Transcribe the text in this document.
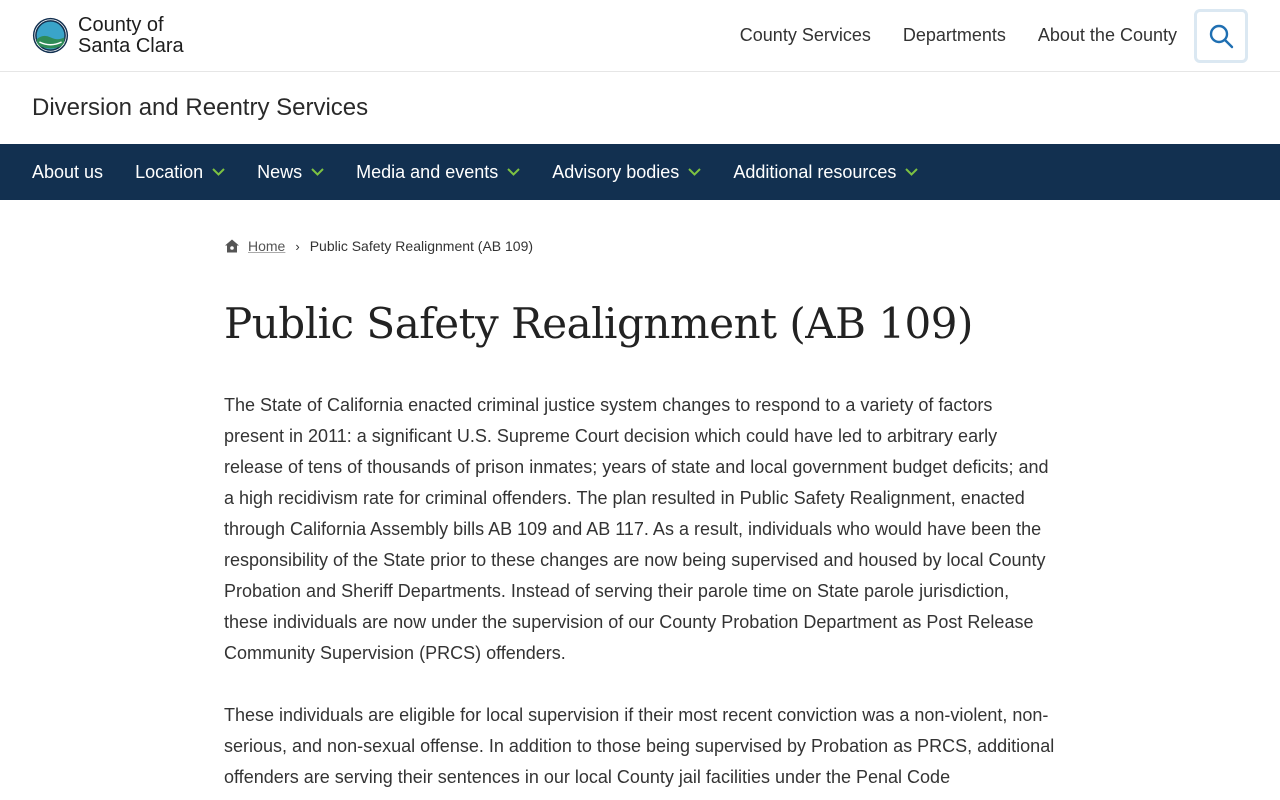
County of
Santa Clara	County Services Departments About the County
Diversion and Reentry Services
About us Location	News	Media and events	Advisory bodies	Additional resources
Home › Public Safety Realignment (AB 109)
Public Safety Realignment (AB 109)

The State of California enacted criminal justice system changes to respond to a variety of factors present in 2011: a significant U.S. Supreme Court decision which could have led to arbitrary early release of tens of thousands of prison inmates; years of state and local government budget deficits; and a high recidivism rate for criminal offenders. The plan resulted in Public Safety Realignment, enacted through California Assembly bills AB 109 and AB 117. As a result, individuals who would have been the responsibility of the State prior to these changes are now being supervised and housed by local County Probation and Sheriff Departments. Instead of serving their parole time on State parole jurisdiction, these individuals are now under the supervision of our County Probation Department as Post Release Community Supervision (PRCS) offenders.

These individuals are eligible for local supervision if their most recent conviction was a non-violent, non-serious, and non-sexual offense. In addition to those being supervised by Probation as PRCS, additional offenders are serving their sentences in our local County jail facilities under the Penal Code
